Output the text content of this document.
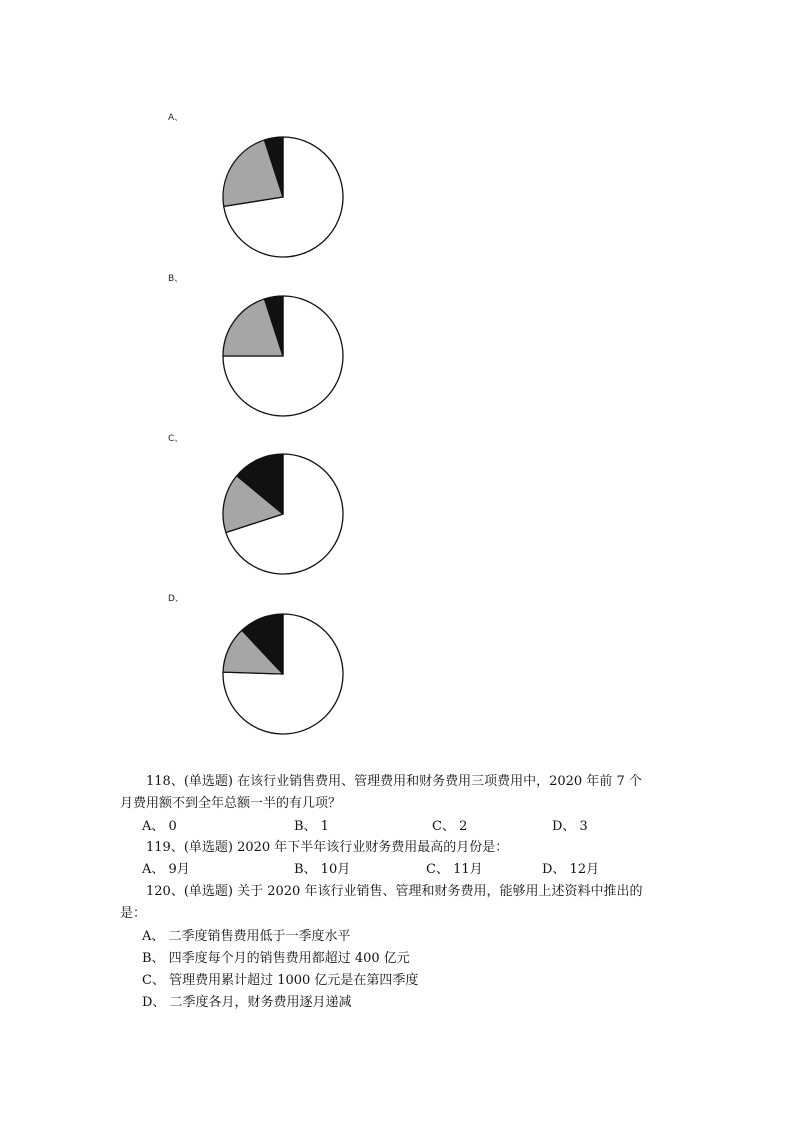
A、
B、
C、
D、
118、(单选题) 在该行业销售费用、管理费用和财务费用三项费用中，2020 年前 7 个
月费用额不到全年总额一半的有几项？
A、 0	B、 1	C、 2	D、 3
119、(单选题) 2020 年下半年该行业财务费用最高的月份是：
A、 9月	B、 10月	C、 11月	D、 12月
120、(单选题) 关于 2020 年该行业销售、管理和财务费用，能够用上述资料中推出的
是：
A、 二季度销售费用低于一季度水平
B、 四季度每个月的销售费用都超过 400 亿元
C、 管理费用累计超过 1000 亿元是在第四季度
D、 二季度各月，财务费用逐月递减
